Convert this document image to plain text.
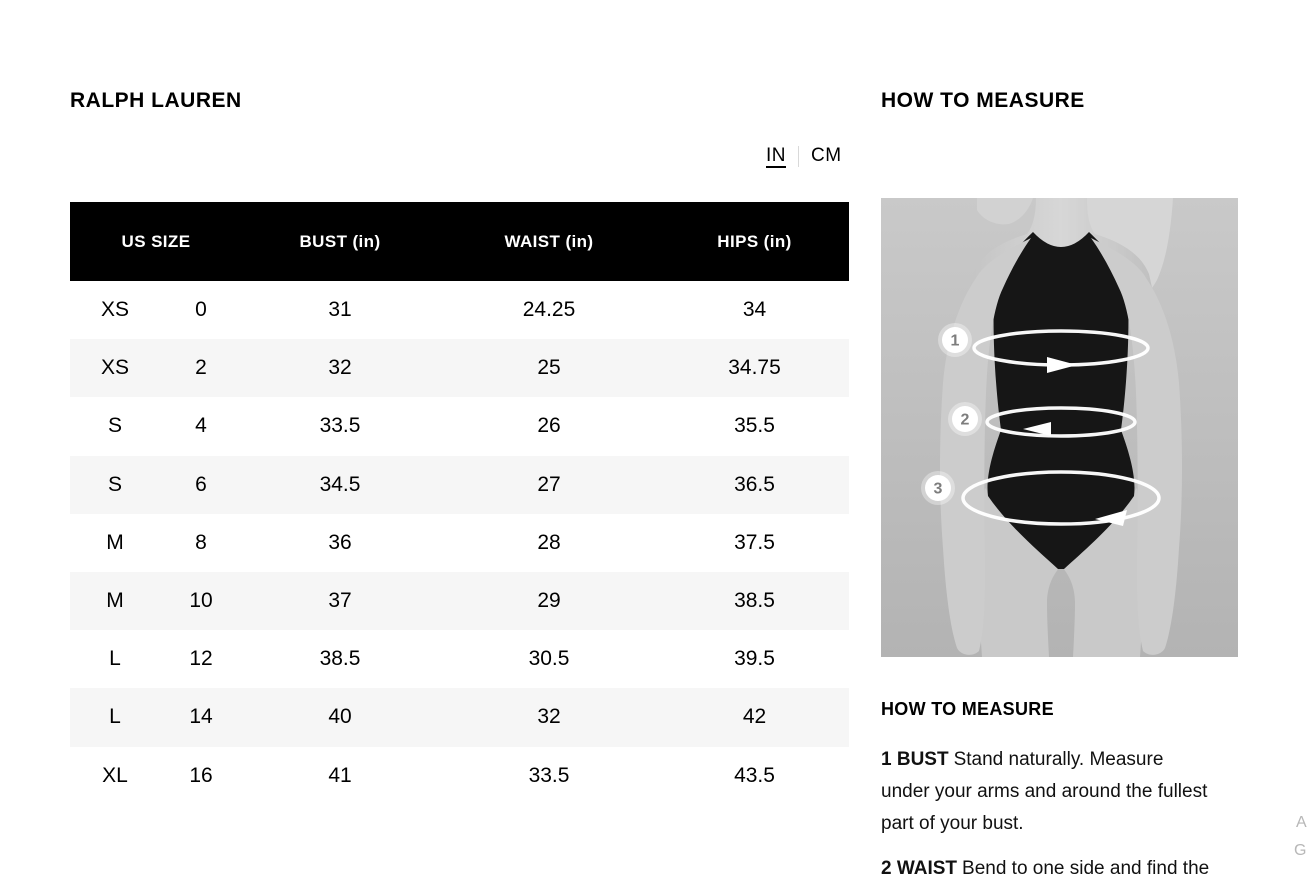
RALPH LAUREN	HOW TO MEASURE
IN CM
US SIZE	BUST (in)	WAIST (in)	HIPS (in)
XS	0	31	24.25	34
XS	2	32	25	34.75
S	4	33.5	26	35.5
S	6	34.5	27	36.5
M	8	36	28	37.5
M	10	37	29	38.5
L	12	38.5	30.5	39.5
L	14	40	32	42
XL	16	41	33.5	43.5
1
2
3
HOW TO MEASURE

1 BUST Stand naturally. Measure under your arms and around the fullest part of your bust.

2 WAIST Bend to one side and find the

A
G
